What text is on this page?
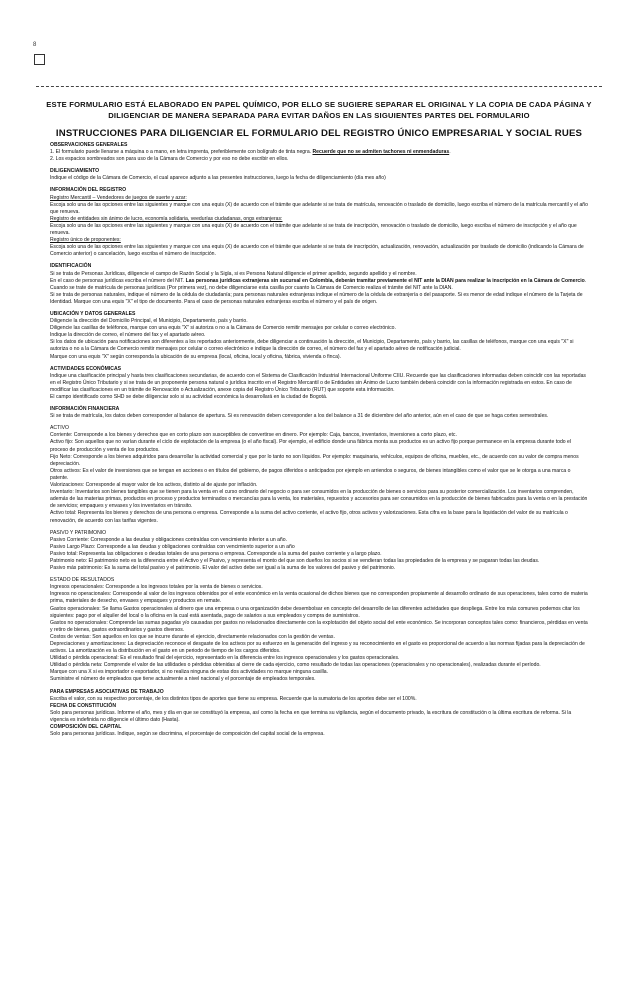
8
ESTE FORMULARIO ESTÁ ELABORADO EN PAPEL QUÍMICO, POR ELLO SE SUGIERE SEPARAR EL ORIGINAL Y LA COPIA DE CADA PÁGINA Y DILIGENCIAR DE MANERA SEPARADA PARA EVITAR DAÑOS EN LAS SIGUIENTES PARTES DEL FORMULARIO
INSTRUCCIONES PARA DILIGENCIAR EL FORMULARIO DEL REGISTRO ÚNICO EMPRESARIAL Y SOCIAL RUES

OBSERVACIONES GENERALES

1. El formulario puede llenarse a máquina o a mano, en letra imprenta, preferiblemente con bolígrafo de tinta negra. Recuerde que no se admiten tachones ni enmendaduras.

2. Los espacios sombreados son para uso de la Cámara de Comercio y por eso no debe escribir en ellos.

DILIGENCIAMIENTO

Indique el código de la Cámara de Comercio, el cual aparece adjunto a las presentes instrucciones, luego la fecha de diligenciamiento (día mes año)

INFORMACIÓN DEL REGISTRO

Registro Mercantil – Vendedores de juegos de suerte y azar:

Escoja solo una de las opciones entre las siguientes y marque con una equis (X) de acuerdo con el trámite que adelante si se trata de matrícula, renovación o traslado de domicilio, luego escriba el número de la matrícula mercantil y el año que renueva.

Registro de entidades sin ánimo de lucro, economía solidaria, veedurías ciudadanas, ongs extranjeras:

Escoja solo una de las opciones entre las siguientes y marque con una equis (X) de acuerdo con el trámite que adelante si se trata de inscripción, renovación o traslado de domicilio, luego escriba el número de inscripción y el año que renueva.

Registro único de proponentes:

Escoja solo una de las opciones entre las siguientes y marque con una equis (X) de acuerdo con el trámite que adelante si se trata de inscripción, actualización, renovación, actualización por traslado de domicilio (indicando la Cámara de Comercio anterior) o cancelación, luego escriba el número de inscripción.

IDENTIFICACIÓN

Si se trata de Personas Jurídicas, diligencie el campo de Razón Social y la Sigla, si es Persona Natural diligencie el primer apellido, segundo apellido y el nombre.

En el caso de personas jurídicas escriba el número del NIT. Las personas jurídicas extranjeras sin sucursal en Colombia, deberán tramitar previamente el NIT ante la DIAN para realizar la inscripción en la Cámara de Comercio. Cuando se trate de matrícula de personas jurídicas (Por primera vez), no debe diligenciarse esta casilla por cuanto la Cámara de Comercio realiza el trámite del NIT ante la DIAN.

Si se trata de personas naturales, indique el número de la cédula de ciudadanía; para personas naturales extranjeras indique el número de la cédula de extranjería o del pasaporte. Si es menor de edad indique el número de la Tarjeta de Identidad. Marque con una equis "X" el tipo de documento. Para el caso de personas naturales extranjeras escriba el número y el país de origen.

UBICACIÓN Y DATOS GENERALES

Diligencie la dirección del Domicilio Principal, el Municipio, Departamento, país y barrio.

Diligencie las casillas de teléfonos, marque con una equis "X" si autoriza o no a la Cámara de Comercio remitir mensajes por celular o correo electrónico.

Indique la dirección de correo, el número del fax y el apartado aéreo.

Si los datos de ubicación para notificaciones son diferentes a los reportados anteriormente, debe diligenciar a continuación la dirección, el Municipio, Departamento, país y barrio, las casillas de teléfonos, marque con una equis "X" si autoriza o no a la Cámara de Comercio remitir mensajes por celular o correo electrónico e indique la dirección de correo, el número del fax y el apartado aéreo de notificación judicial.

Marque con una equis "X" según corresponda la ubicación de su empresa (local, oficina, local y oficina, fábrica, vivienda o finca).

ACTIVIDADES ECONÓMICAS

Indique una clasificación principal y hasta tres clasificaciones secundarias, de acuerdo con el Sistema de Clasificación Industrial Internacional Uniforme CIIU. Recuerde que las clasificaciones informadas deben coincidir con las reportadas en el Registro Único Tributario y si se trata de un proponente persona natural o jurídica inscrito en el Registro Mercantil o de Entidades sin Ánimo de Lucro también deberá coincidir con la información registrada en estos. En caso de modificar las clasificaciones en un trámite de Renovación o Actualización, anexe copia del Registro Único Tributario (RUT) que soporte esta información.

El campo identificado como SHD se debe diligenciar solo si su actividad económica la desarrollará en la ciudad de Bogotá.

INFORMACIÓN FINANCIERA

Si se trata de matrícula, los datos deben corresponder al balance de apertura. Si es renovación deben corresponder a los del balance a 31 de diciembre del año anterior, aún en el caso de que se haga cortes semestrales.

ACTIVO

Corriente: Corresponde a los bienes y derechos que en corto plazo son susceptibles de convertirse en dinero. Por ejemplo: Caja, bancos, inventarios, inversiones a corto plazo, etc.

Activo fijo: Son aquellos que no varían durante el ciclo de explotación de la empresa (o el año fiscal). Por ejemplo, el edificio donde una fábrica monta sus productos es un activo fijo porque permanece en la empresa durante todo el proceso de producción y venta de los productos.

Fijo Neto: Corresponde a los bienes adquiridos para desarrollar la actividad comercial y que por lo tanto no son líquidos. Por ejemplo: maquinaria, vehículos, equipos de oficina, muebles, etc., de acuerdo con su valor de compra menos depreciación.

Otros activos: Es el valor de inversiones que se tengan en acciones o en títulos del gobierno, de pagos diferidos o anticipados por ejemplo en arriendos o seguros, de bienes intangibles como el valor que se le otorga a una marca o patente.

Valorizaciones: Corresponde al mayor valor de los activos, distinto al de ajuste por inflación.

Inventario: Inventarios son bienes tangibles que se tienen para la venta en el curso ordinario del negocio o para ser consumidos en la producción de bienes o servicios para su posterior comercialización. Los inventarios comprenden, además de las materias primas, productos en proceso y productos terminados o mercancías para la venta, los materiales, repuestos y accesorios para ser consumidos en la producción de bienes fabricados para la venta o en la prestación de servicios; empaques y envases y los inventarios en tránsito.

Activo total: Representa los bienes y derechos de una persona o empresa. Corresponde a la suma del activo corriente, el activo fijo, otros activos y valorizaciones. Esta cifra es la base para la liquidación del valor de su matrícula o renovación, de acuerdo con las tarifas vigentes.

PASIVO Y PATRIMONIO

Pasivo Corriente: Corresponde a las deudas y obligaciones contraídas con vencimiento inferior a un año.

Pasivo Largo Plazo: Corresponde a las deudas y obligaciones contraídas con vencimiento superior a un año

Pasivo total: Representa las obligaciones o deudas totales de una persona o empresa. Corresponde a la suma del pasivo corriente y a largo plazo.

Patrimonio neto: El patrimonio neto es la diferencia entre el Activo y el Pasivo, y representa el monto del que son dueños los socios si se vendieran todas las propiedades de la empresa y se pagaran todas las deudas.

Pasivo más patrimonio: Es la suma del total pasivo y el patrimonio. El valor del activo debe ser igual a la suma de los valores del pasivo y del patrimonio.

ESTADO DE RESULTADOS

Ingresos operacionales: Corresponde a los ingresos totales por la venta de bienes o servicios.

Ingresos no operacionales: Corresponde al valor de los ingresos obtenidos por el ente económico en la venta ocasional de dichos bienes que no corresponden propiamente al desarrollo ordinario de sus operaciones, tales como de materia prima, materiales de desecho, envases y empaques y productos en remate.

Gastos operacionales: Se llama Gastos operacionales al dinero que una empresa o una organización debe desembolsar en concepto del desarrollo de las diferentes actividades que despliega. Entre los más comunes podemos citar los siguientes: pago por el alquiler del local o la oficina en la cual está asentada, pago de salarios a sus empleados y compra de suministros.

Gastos no operacionales: Comprende las sumas pagadas y/o causadas por gastos no relacionados directamente con la explotación del objeto social del ente económico. Se incorporan conceptos tales como: financieros, pérdidas en venta y retiro de bienes, gastos extraordinarios y gastos diversos.

Costos de ventas: Son aquellos en los que se incurre durante el ejercicio, directamente relacionados con la gestión de ventas.

Depreciaciones y amortizaciones: La depreciación reconoce el desgaste de los activos por su esfuerzo en la generación del ingreso y su reconocimiento en el gasto es proporcional de acuerdo a las normas fijadas para la depreciación de activos. La amortización es la distribución en el gasto en un periodo de tiempo de los cargos diferidos.

Utilidad o pérdida operacional: Es el resultado final del ejercicio, representado en la diferencia entre los ingresos operacionales y los gastos operacionales.

Utilidad o pérdida neta: Comprende el valor de las utilidades o pérdidas obtenidas al cierre de cada ejercicio, como resultado de todas las operaciones (operacionales y no operacionales), realizadas durante el período.

Marque con una X si es importador o exportador, si no realiza ninguna de estas dos actividades no marque ninguna casilla.

Suministre el número de empleados que tiene actualmente a nivel nacional y el porcentaje de empleados temporales.

PARA EMPRESAS ASOCIATIVAS DE TRABAJO

Escriba el valor, con su respectivo porcentaje, de los distintos tipos de aportes que tiene su empresa. Recuerde que la sumatoria de los aportes debe ser el 100%.

FECHA DE CONSTITUCIÓN

Solo para personas jurídicas. Informe el año, mes y día en que se constituyó la empresa, así como la fecha en que termina su vigilancia, según el documento privado, la escritura de constitución o la última escritura de reforma. Si la vigencia es indefinida no diligencie el último dato (Hasta).

COMPOSICIÓN DEL CAPITAL

Solo para personas jurídicas. Indique, según se discrimina, el porcentaje de composición del capital social de la empresa.
